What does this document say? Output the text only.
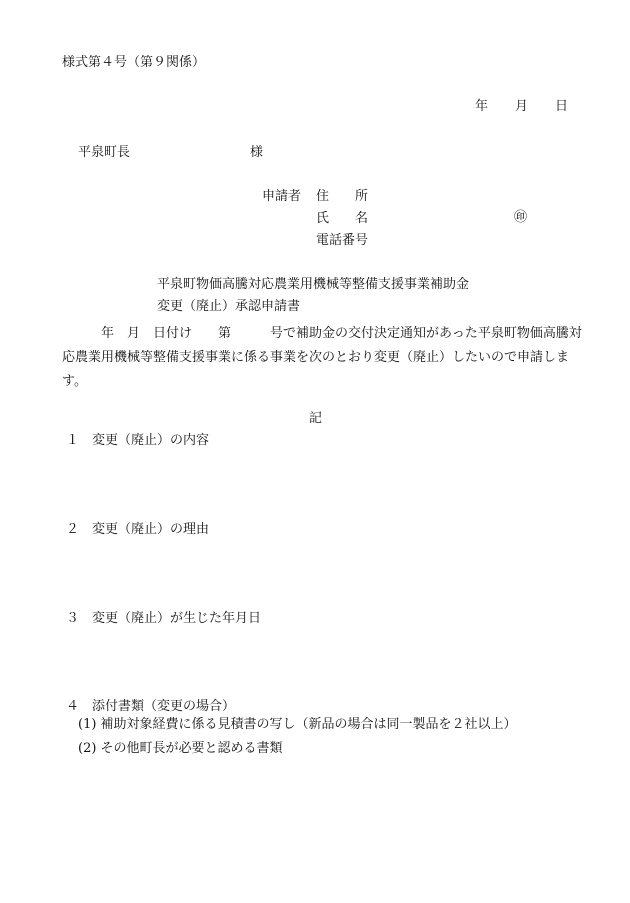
様式第４号（第９関係）
年 月 日
平泉町長	様
申請者 住　　所
氏　　名	㊞
電話番号
平泉町物価高騰対応農業用機械等整備支援事業補助金
変更（廃止）承認申請書
年　月　日付け　　第　　　号で補助金の交付決定通知があった平泉町物価高騰対応農業用機械等整備支援事業に係る事業を次のとおり変更（廃止）したいので申請します。
記
１　変更（廃止）の内容
２　変更（廃止）の理由
３　変更（廃止）が生じた年月日
４　添付書類（変更の場合）
(1) 補助対象経費に係る見積書の写し（新品の場合は同一製品を２社以上）
(2) その他町長が必要と認める書類
